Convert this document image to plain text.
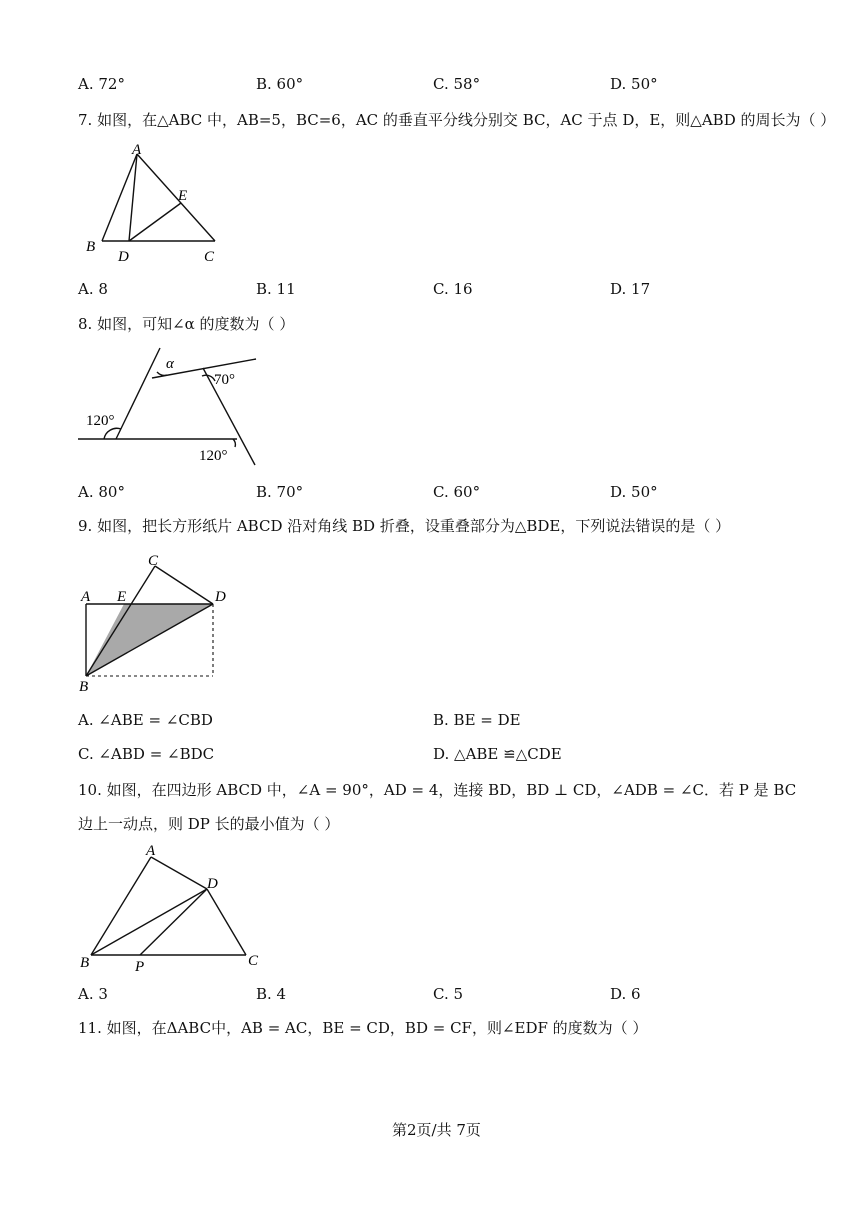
A. 72°	B. 60°	C. 58°	D. 50°
7. 如图，在△ABC 中，AB=5，BC=6，AC 的垂直平分线分别交 BC，AC 于点 D，E，则△ABD 的周长为（ ）
A
B
D	C
E
A. 8	B. 11	C. 16	D. 17
8. 如图，可知∠α 的度数为（ ）
α
70°
120°
120°
A. 80°	B. 70°	C. 60°	D. 50°
9. 如图，把长方形纸片 ABCD 沿对角线 BD 折叠，设重叠部分为△BDE，下列说法错误的是（ ）
A E
C
D
B
A. ∠ABE = ∠CBD	B. BE = DE
C. ∠ABD = ∠BDC	D. △ABE ≌△CDE
10. 如图，在四边形 ABCD 中，∠A = 90°，AD = 4，连接 BD，BD ⊥ CD，∠ADB = ∠C．若 P 是 BC
边上一动点，则 DP 长的最小值为（ ）
A
D
B	P	C
A. 3	B. 4	C. 5	D. 6
11. 如图，在ΔABC中，AB = AC，BE = CD，BD = CF，则∠EDF 的度数为（ ）
第2页/共 7页
